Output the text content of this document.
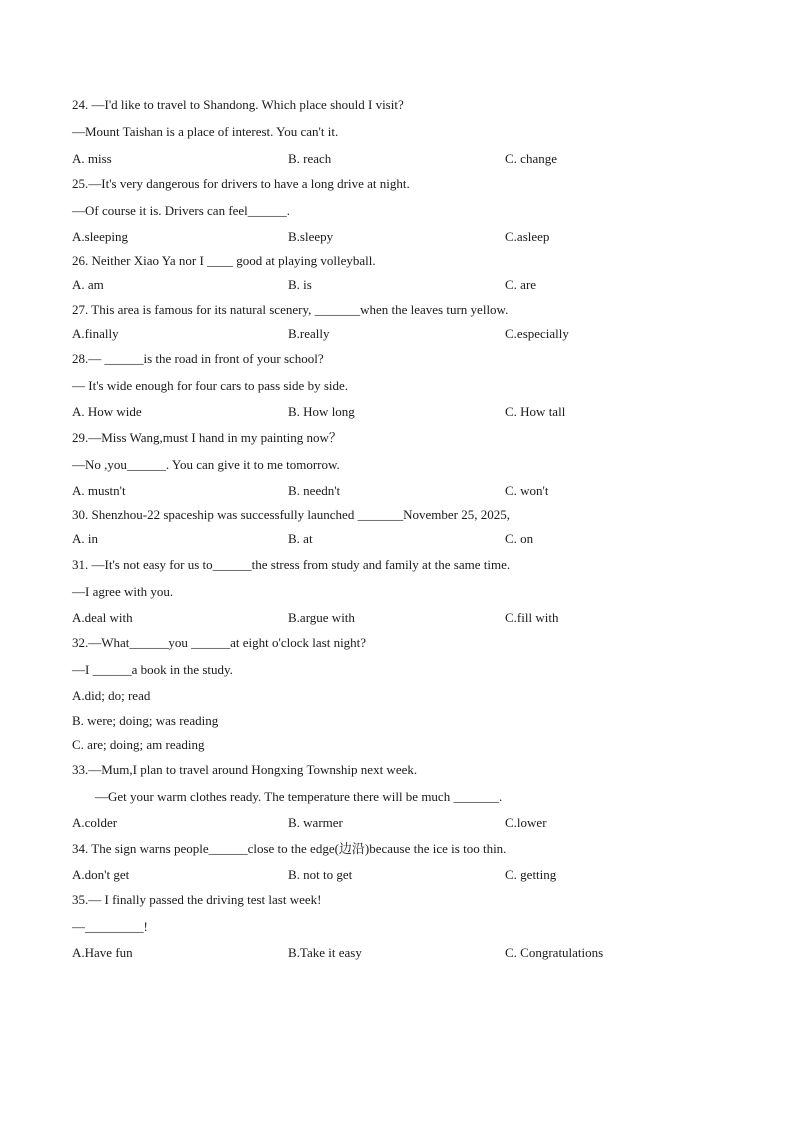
24. —I'd like to travel to Shandong. Which place should I visit?
—Mount Taishan is a place of interest. You can't it.
A. miss	B. reach	C. change
25.—It's very dangerous for drivers to have a long drive at night.
—Of course it is. Drivers can feel______.
A.sleeping	B.sleepy	C.asleep
26. Neither Xiao Ya nor I ____ good at playing volleyball.
A. am	B. is	C. are
27. This area is famous for its natural scenery, _______when the leaves turn yellow.
A.finally	B.really	C.especially
28.— ______is the road in front of your school?
— It's wide enough for four cars to pass side by side.
A. How wide	B. How long	C. How tall
29.—Miss Wang,must I hand in my painting now？
—No ,you______. You can give it to me tomorrow.
A. mustn't	B. needn't	C. won't
30. Shenzhou-22 spaceship was successfully launched _______November 25, 2025,
A. in	B. at	C. on
31. —It's not easy for us to______the stress from study and family at the same time.
—I agree with you.
A.deal with	B.argue with	C.fill with
32.—What______you ______at eight o'clock last night?
—I ______a book in the study.
A.did; do; read
B. were; doing; was reading
C. are; doing; am reading
33.—Mum,I plan to travel around Hongxing Township next week.
—Get your warm clothes ready. The temperature there will be much _______.
A.colder	B. warmer	C.lower
34. The sign warns people______close to the edge(边沿)because the ice is too thin.
A.don't get	B. not to get	C. getting
35.— I finally passed the driving test last week!
—_________!
A.Have fun	B.Take it easy	C. Congratulations
